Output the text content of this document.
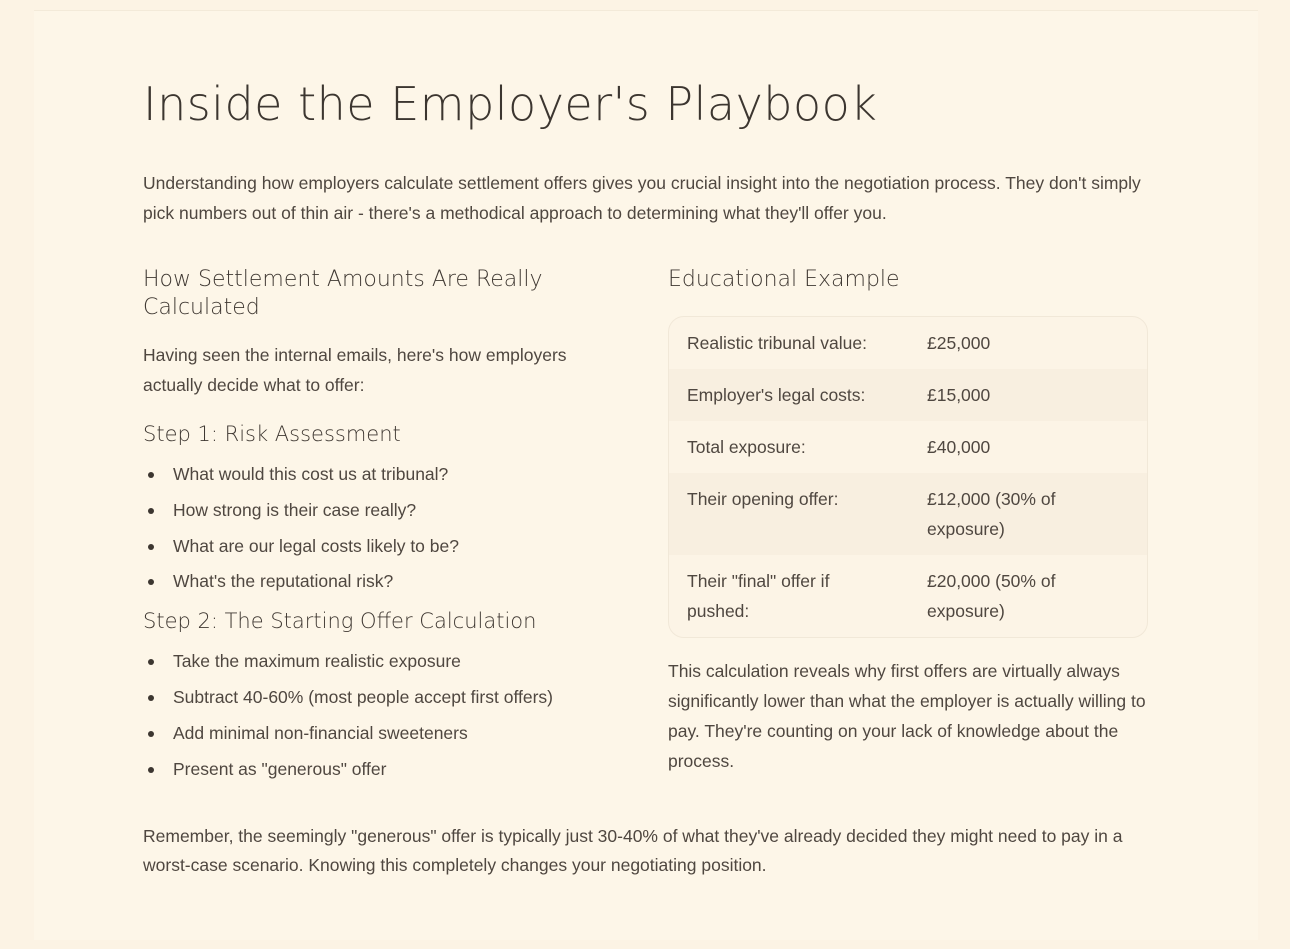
Inside the Employer's Playbook

Understanding how employers calculate settlement offers gives you crucial insight into the negotiation process. They don't simply pick numbers out of thin air - there's a methodical approach to determining what they'll offer you.

How Settlement Amounts Are Really Calculated

Having seen the internal emails, here's how employers actually decide what to offer:

Step 1: Risk Assessment
What would this cost us at tribunal?
How strong is their case really?
What are our legal costs likely to be?
What's the reputational risk?
Step 2: The Starting Offer Calculation
Take the maximum realistic exposure
Subtract 40-60% (most people accept first offers)
Add minimal non-financial sweeteners
Present as "generous" offer
Educational Example
Realistic tribunal value:	£25,000
Employer's legal costs:	£15,000
Total exposure:	£40,000
Their opening offer:	£12,000 (30% of exposure)
Their "final" offer if pushed:	£20,000 (50% of exposure)

This calculation reveals why first offers are virtually always significantly lower than what the employer is actually willing to pay. They're counting on your lack of knowledge about the process.

Remember, the seemingly "generous" offer is typically just 30-40% of what they've already decided they might need to pay in a worst-case scenario. Knowing this completely changes your negotiating position.
